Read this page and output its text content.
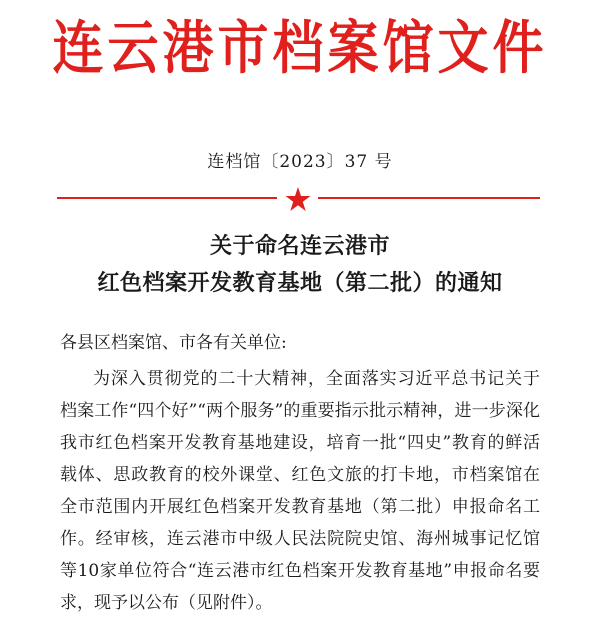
连云港市档案馆文件
连档馆〔2023〕37 号
关于命名连云港市
红色档案开发教育基地（第二批）的通知
各县区档案馆、市各有关单位:
为深入贯彻党的二十大精神，全面落实习近平总书记关于
档案工作“四个好”“两个服务”的重要指示批示精神，进一步深化
我市红色档案开发教育基地建设，培育一批“四史”教育的鲜活
载体、思政教育的校外课堂、红色文旅的打卡地，市档案馆在
全市范围内开展红色档案开发教育基地（第二批）申报命名工
作。经审核，连云港市中级人民法院院史馆、海州城事记忆馆
等10家单位符合“连云港市红色档案开发教育基地”申报命名要
求，现予以公布（见附件）。
